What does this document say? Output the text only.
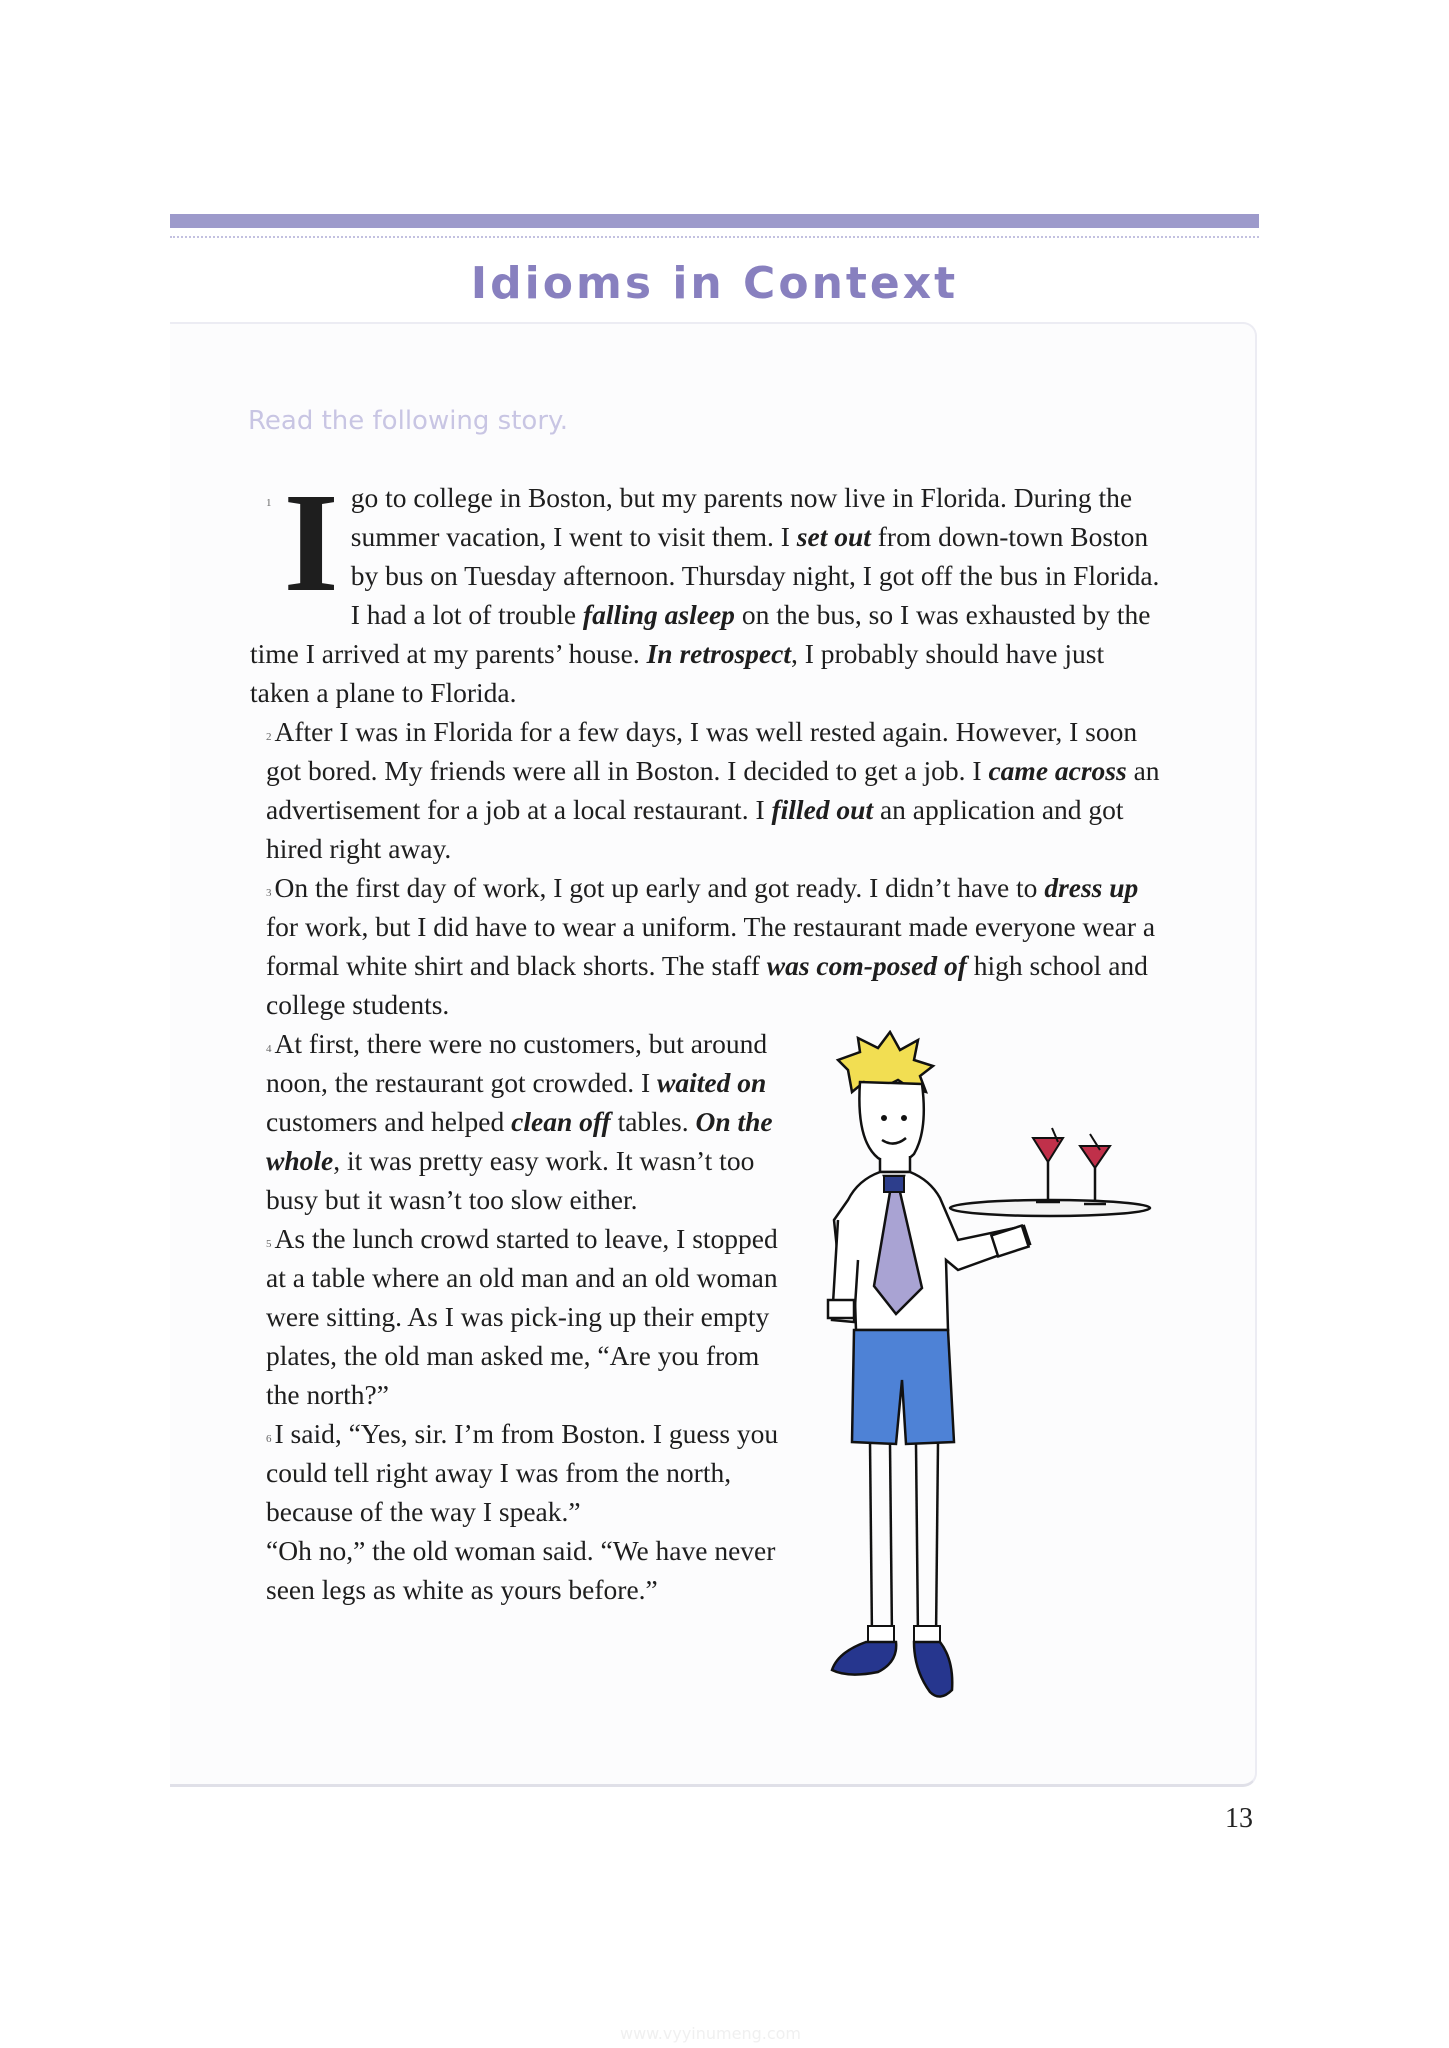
Idioms in Context
Read the following story.

1 I go to college in Boston, but my parents now live in Florida. During the summer vacation, I went to visit them. I set out from down-town Boston by bus on Tuesday afternoon. Thursday night, I got off the bus in Florida. I had a lot of trouble falling asleep on the bus, so I was exhausted by the time I arrived at my parents’ house. In retrospect, I probably should have just taken a plane to Florida.

$^2$ After I was in Florida for a few days, I was well rested again. However, I soon got bored. My friends were all in Boston. I decided to get a job. I came across an advertisement for a job at a local restaurant. I filled out an application and got hired right away.

$^3$ On the first day of work, I got up early and got ready. I didn’t have to dress up for work, but I did have to wear a uniform. The restaurant made everyone wear a formal white shirt and black shorts. The staff was com-posed of high school and college students.

$^4$ At first, there were no customers, but around noon, the restaurant got crowded. I waited on customers and helped clean off tables. On the whole, it was pretty easy work. It wasn’t too busy but it wasn’t too slow either.

$^5$ As the lunch crowd started to leave, I stopped at a table where an old man and an old woman were sitting. As I was pick-ing up their empty plates, the old man asked me, “Are you from the north?”

$^6$ I said, “Yes, sir. I’m from Boston. I guess you could tell right away I was from the north, because of the way I speak.”

“Oh no,” the old woman said. “We have never seen legs as white as yours before.”

13
www.vyyinumeng.com
